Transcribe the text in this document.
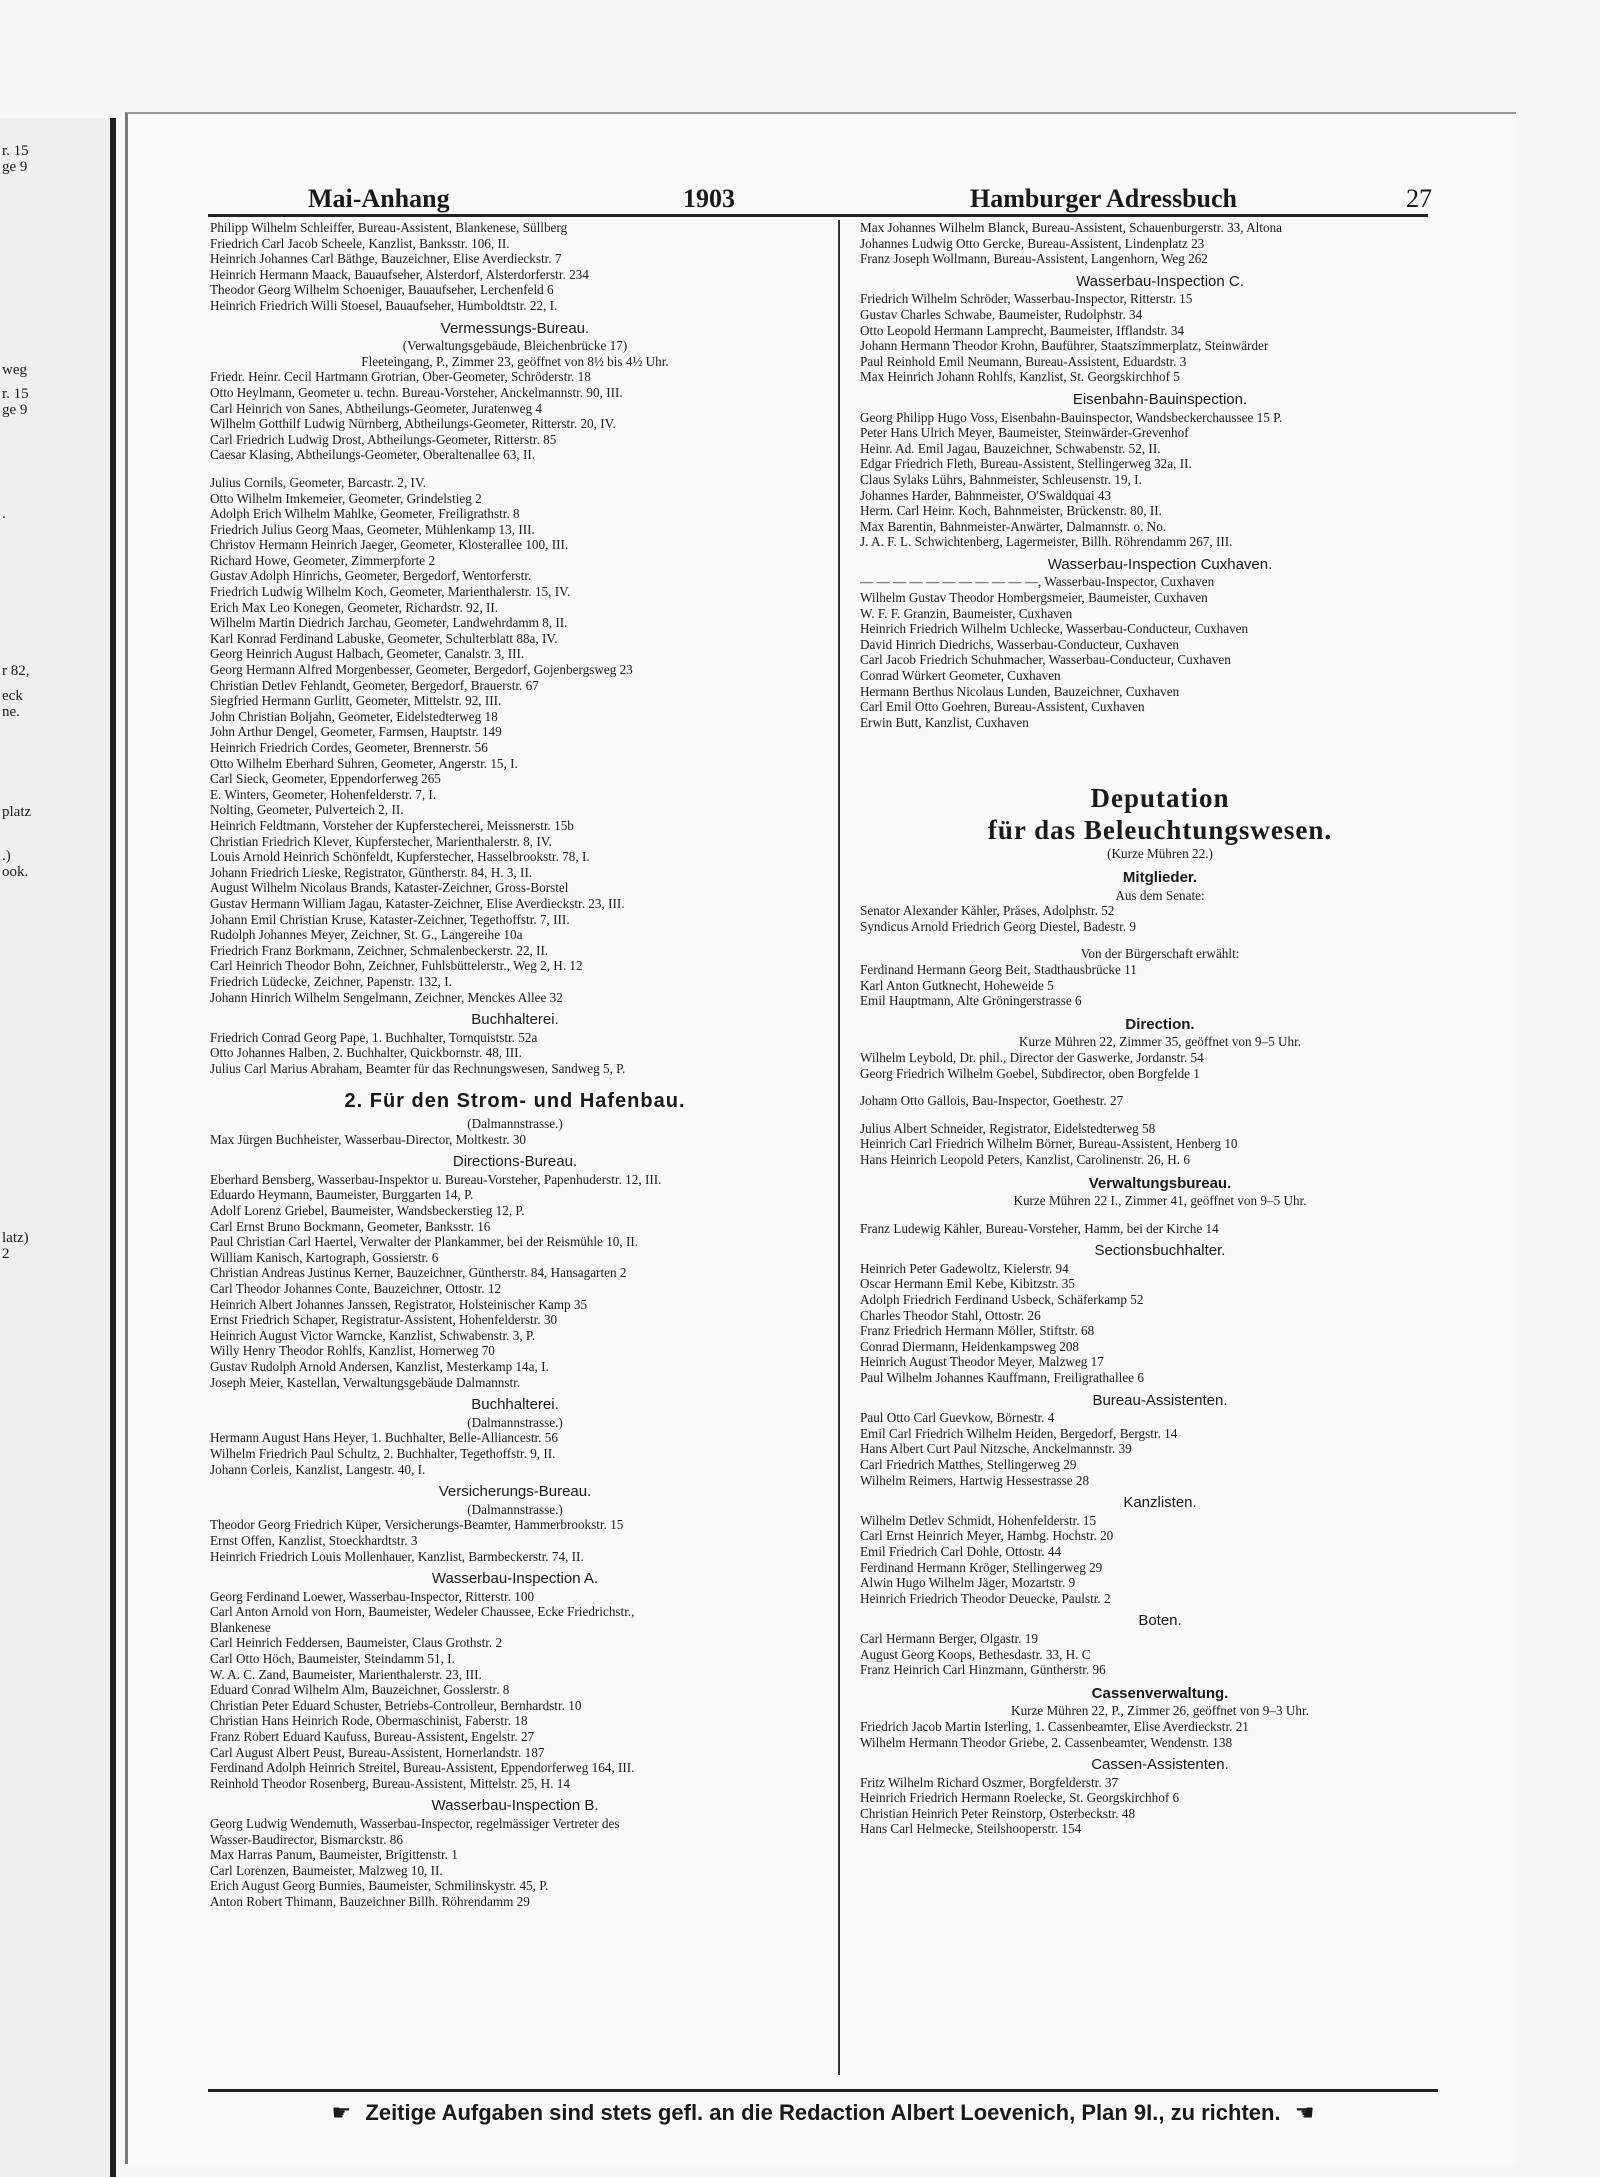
r. 15
ge 9
weg
r. 15
ge 9
.
r 82,
eck
ne.
platz
.)
ook.
latz)
2
Mai-Anhang	1903	Hamburger Adressbuch	27
Philipp Wilhelm Schleiffer, Bureau-Assistent, Blankenese, Süllberg
Friedrich Carl Jacob Scheele, Kanzlist, Banksstr. 106, II.
Heinrich Johannes Carl Bäthge, Bauzeichner, Elise Averdieckstr. 7
Heinrich Hermann Maack, Bauaufseher, Alsterdorf, Alsterdorferstr. 234
Theodor Georg Wilhelm Schoeniger, Bauaufseher, Lerchenfeld 6
Heinrich Friedrich Willi Stoesel, Bauaufseher, Humboldtstr. 22, I.
Vermessungs-Bureau.
(Verwaltungsgebäude, Bleichenbrücke 17)
Fleeteingang, P., Zimmer 23, geöffnet von 8½ bis 4½ Uhr.
Friedr. Heinr. Cecil Hartmann Grotrian, Ober-Geometer, Schröderstr. 18
Otto Heylmann, Geometer u. techn. Bureau-Vorsteher, Anckelmannstr. 90, III.
Carl Heinrich von Sanes, Abtheilungs-Geometer, Juratenweg 4
Wilhelm Gotthilf Ludwig Nürnberg, Abtheilungs-Geometer, Ritterstr. 20, IV.
Carl Friedrich Ludwig Drost, Abtheilungs-Geometer, Ritterstr. 85
Caesar Klasing, Abtheilungs-Geometer, Oberaltenallee 63, II.
Julius Cornils, Geometer, Barcastr. 2, IV.
Otto Wilhelm Imkemeier, Geometer, Grindelstieg 2
Adolph Erich Wilhelm Mahlke, Geometer, Freiligrathstr. 8
Friedrich Julius Georg Maas, Geometer, Mühlenkamp 13, III.
Christov Hermann Heinrich Jaeger, Geometer, Klosterallee 100, III.
Richard Howe, Geometer, Zimmerpforte 2
Gustav Adolph Hinrichs, Geometer, Bergedorf, Wentorferstr.
Friedrich Ludwig Wilhelm Koch, Geometer, Marienthalerstr. 15, IV.
Erich Max Leo Konegen, Geometer, Richardstr. 92, II.
Wilhelm Martin Diedrich Jarchau, Geometer, Landwehrdamm 8, II.
Karl Konrad Ferdinand Labuske, Geometer, Schulterblatt 88a, IV.
Georg Heinrich August Halbach, Geometer, Canalstr. 3, III.
Georg Hermann Alfred Morgenbesser, Geometer, Bergedorf, Gojenbergsweg 23
Christian Detlev Fehlandt, Geometer, Bergedorf, Brauerstr. 67
Siegfried Hermann Gurlitt, Geometer, Mittelstr. 92, III.
John Christian Boljahn, Geometer, Eidelstedterweg 18
John Arthur Dengel, Geometer, Farmsen, Hauptstr. 149
Heinrich Friedrich Cordes, Geometer, Brennerstr. 56
Otto Wilhelm Eberhard Suhren, Geometer, Angerstr. 15, I.
Carl Sieck, Geometer, Eppendorferweg 265
E. Winters, Geometer, Hohenfelderstr. 7, I.
Nolting, Geometer, Pulverteich 2, II.
Heinrich Feldtmann, Vorsteher der Kupferstecherei, Meissnerstr. 15b
Christian Friedrich Klever, Kupferstecher, Marienthalerstr. 8, IV.
Louis Arnold Heinrich Schönfeldt, Kupferstecher, Hasselbrookstr. 78, I.
Johann Friedrich Lieske, Registrator, Güntherstr. 84, H. 3, II.
August Wilhelm Nicolaus Brands, Kataster-Zeichner, Gross-Borstel
Gustav Hermann William Jagau, Kataster-Zeichner, Elise Averdieckstr. 23, III.
Johann Emil Christian Kruse, Kataster-Zeichner, Tegethoffstr. 7, III.
Rudolph Johannes Meyer, Zeichner, St. G., Langereihe 10a
Friedrich Franz Borkmann, Zeichner, Schmalenbeckerstr. 22, II.
Carl Heinrich Theodor Bohn, Zeichner, Fuhlsbüttelerstr., Weg 2, H. 12
Friedrich Lüdecke, Zeichner, Papenstr. 132, I.
Johann Hinrich Wilhelm Sengelmann, Zeichner, Menckes Allee 32
Buchhalterei.
Friedrich Conrad Georg Pape, 1. Buchhalter, Tornquiststr. 52a
Otto Johannes Halben, 2. Buchhalter, Quickbornstr. 48, III.
Julius Carl Marius Abraham, Beamter für das Rechnungswesen, Sandweg 5, P.
2. Für den Strom- und Hafenbau.
(Dalmannstrasse.)
Max Jürgen Buchheister, Wasserbau-Director, Moltkestr. 30
Directions-Bureau.
Eberhard Bensberg, Wasserbau-Inspektor u. Bureau-Vorsteher, Papenhuderstr. 12, III.
Eduardo Heymann, Baumeister, Burggarten 14, P.
Adolf Lorenz Griebel, Baumeister, Wandsbeckerstieg 12, P.
Carl Ernst Bruno Bockmann, Geometer, Banksstr. 16
Paul Christian Carl Haertel, Verwalter der Plankammer, bei der Reismühle 10, II.
William Kanisch, Kartograph, Gossierstr. 6
Christian Andreas Justinus Kerner, Bauzeichner, Güntherstr. 84, Hansagarten 2
Carl Theodor Johannes Conte, Bauzeichner, Ottostr. 12
Heinrich Albert Johannes Janssen, Registrator, Holsteinischer Kamp 35
Ernst Friedrich Schaper, Registratur-Assistent, Hohenfelderstr. 30
Heinrich August Victor Warncke, Kanzlist, Schwabenstr. 3, P.
Willy Henry Theodor Rohlfs, Kanzlist, Hornerweg 70
Gustav Rudolph Arnold Andersen, Kanzlist, Mesterkamp 14a, I.
Joseph Meier, Kastellan, Verwaltungsgebäude Dalmannstr.
Buchhalterei.
(Dalmannstrasse.)
Hermann August Hans Heyer, 1. Buchhalter, Belle-Alliancestr. 56
Wilhelm Friedrich Paul Schultz, 2. Buchhalter, Tegethoffstr. 9, II.
Johann Corleis, Kanzlist, Langestr. 40, I.
Versicherungs-Bureau.
(Dalmannstrasse.)
Theodor Georg Friedrich Küper, Versicherungs-Beamter, Hammerbrookstr. 15
Ernst Offen, Kanzlist, Stoeckhardtstr. 3
Heinrich Friedrich Louis Mollenhauer, Kanzlist, Barmbeckerstr. 74, II.
Wasserbau-Inspection A.
Georg Ferdinand Loewer, Wasserbau-Inspector, Ritterstr. 100
Carl Anton Arnold von Horn, Baumeister, Wedeler Chaussee, Ecke Friedrichstr.,
Blankenese
Carl Heinrich Feddersen, Baumeister, Claus Grothstr. 2
Carl Otto Höch, Baumeister, Steindamm 51, I.
W. A. C. Zand, Baumeister, Marienthalerstr. 23, III.
Eduard Conrad Wilhelm Alm, Bauzeichner, Gosslerstr. 8
Christian Peter Eduard Schuster, Betriebs-Controlleur, Bernhardstr. 10
Christian Hans Heinrich Rode, Obermaschinist, Faberstr. 18
Franz Robert Eduard Kaufuss, Bureau-Assistent, Engelstr. 27
Carl August Albert Peust, Bureau-Assistent, Hornerlandstr. 187
Ferdinand Adolph Heinrich Streitel, Bureau-Assistent, Eppendorferweg 164, III.
Reinhold Theodor Rosenberg, Bureau-Assistent, Mittelstr. 25, H. 14
Wasserbau-Inspection B.
Georg Ludwig Wendemuth, Wasserbau-Inspector, regelmässiger Vertreter des
Wasser-Baudirector, Bismarckstr. 86
Max Harras Panum, Baumeister, Brigittenstr. 1
Carl Lorenzen, Baumeister, Malzweg 10, II.
Erich August Georg Bunnies, Baumeister, Schmilinskystr. 45, P.
Anton Robert Thimann, Bauzeichner Billh. Röhrendamm 29
Max Johannes Wilhelm Blanck, Bureau-Assistent, Schauenburgerstr. 33, Altona
Johannes Ludwig Otto Gercke, Bureau-Assistent, Lindenplatz 23
Franz Joseph Wollmann, Bureau-Assistent, Langenhorn, Weg 262
Wasserbau-Inspection C.
Friedrich Wilhelm Schröder, Wasserbau-Inspector, Ritterstr. 15
Gustav Charles Schwabe, Baumeister, Rudolphstr. 34
Otto Leopold Hermann Lamprecht, Baumeister, Ifflandstr. 34
Johann Hermann Theodor Krohn, Bauführer, Staatszimmerplatz, Steinwärder
Paul Reinhold Emil Neumann, Bureau-Assistent, Eduardstr. 3
Max Heinrich Johann Rohlfs, Kanzlist, St. Georgskirchhof 5
Eisenbahn-Bauinspection.
Georg Philipp Hugo Voss, Eisenbahn-Bauinspector, Wandsbeckerchaussee 15 P.
Peter Hans Ulrich Meyer, Baumeister, Steinwärder-Grevenhof
Heinr. Ad. Emil Jagau, Bauzeichner, Schwabenstr. 52, II.
Edgar Friedrich Fleth, Bureau-Assistent, Stellingerweg 32a, II.
Claus Sylaks Lührs, Bahnmeister, Schleusenstr. 19, I.
Johannes Harder, Bahnmeister, O'Swaldquai 43
Herm. Carl Heinr. Koch, Bahnmeister, Brückenstr. 80, II.
Max Barentin, Bahnmeister-Anwärter, Dalmannstr. o. No.
J. A. F. L. Schwichtenberg, Lagermeister, Billh. Röhrendamm 267, III.
Wasserbau-Inspection Cuxhaven.
— — — — — — — — — — —, Wasserbau-Inspector, Cuxhaven
Wilhelm Gustav Theodor Hombergsmeier, Baumeister, Cuxhaven
W. F. F. Granzin, Baumeister, Cuxhaven
Heinrich Friedrich Wilhelm Uchlecke, Wasserbau-Conducteur, Cuxhaven
David Hinrich Diedrichs, Wasserbau-Conducteur, Cuxhaven
Carl Jacob Friedrich Schuhmacher, Wasserbau-Conducteur, Cuxhaven
Conrad Würkert Geometer, Cuxhaven
Hermann Berthus Nicolaus Lunden, Bauzeichner, Cuxhaven
Carl Emil Otto Goehren, Bureau-Assistent, Cuxhaven
Erwin Butt, Kanzlist, Cuxhaven
Deputation
für das Beleuchtungswesen.
(Kurze Mühren 22.)
Mitglieder.
Aus dem Senate:
Senator Alexander Kähler, Präses, Adolphstr. 52
Syndicus Arnold Friedrich Georg Diestel, Badestr. 9
Von der Bürgerschaft erwählt:
Ferdinand Hermann Georg Beit, Stadthausbrücke 11
Karl Anton Gutknecht, Hoheweide 5
Emil Hauptmann, Alte Gröningerstrasse 6
Direction.
Kurze Mühren 22, Zimmer 35, geöffnet von 9–5 Uhr.
Wilhelm Leybold, Dr. phil., Director der Gaswerke, Jordanstr. 54
Georg Friedrich Wilhelm Goebel, Subdirector, oben Borgfelde 1
Johann Otto Gallois, Bau-Inspector, Goethestr. 27
Julius Albert Schneider, Registrator, Eidelstedterweg 58
Heinrich Carl Friedrich Wilhelm Börner, Bureau-Assistent, Henberg 10
Hans Heinrich Leopold Peters, Kanzlist, Carolinenstr. 26, H. 6
Verwaltungsbureau.
Kurze Mühren 22 I., Zimmer 41, geöffnet von 9–5 Uhr.
Franz Ludewig Kähler, Bureau-Vorsteher, Hamm, bei der Kirche 14
Sectionsbuchhalter.
Heinrich Peter Gadewoltz, Kielerstr. 94
Oscar Hermann Emil Kebe, Kibitzstr. 35
Adolph Friedrich Ferdinand Usbeck, Schäferkamp 52
Charles Theodor Stahl, Ottostr. 26
Franz Friedrich Hermann Möller, Stiftstr. 68
Conrad Diermann, Heidenkampsweg 208
Heinrich August Theodor Meyer, Malzweg 17
Paul Wilhelm Johannes Kauffmann, Freiligrathallee 6
Bureau-Assistenten.
Paul Otto Carl Guevkow, Börnestr. 4
Emil Carl Friedrich Wilhelm Heiden, Bergedorf, Bergstr. 14
Hans Albert Curt Paul Nitzsche, Anckelmannstr. 39
Carl Friedrich Matthes, Stellingerweg 29
Wilhelm Reimers, Hartwig Hessestrasse 28
Kanzlisten.
Wilhelm Detlev Schmidt, Hohenfelderstr. 15
Carl Ernst Heinrich Meyer, Hambg. Hochstr. 20
Emil Friedrich Carl Dohle, Ottostr. 44
Ferdinand Hermann Kröger, Stellingerweg 29
Alwin Hugo Wilhelm Jäger, Mozartstr. 9
Heinrich Friedrich Theodor Deuecke, Paulstr. 2
Boten.
Carl Hermann Berger, Olgastr. 19
August Georg Koops, Bethesdastr. 33, H. C
Franz Heinrich Carl Hinzmann, Güntherstr. 96
Cassenverwaltung.
Kurze Mühren 22, P., Zimmer 26, geöffnet von 9–3 Uhr.
Friedrich Jacob Martin Isterling, 1. Cassenbeamter, Elise Averdieckstr. 21
Wilhelm Hermann Theodor Griebe, 2. Cassenbeamter, Wendenstr. 138
Cassen-Assistenten.
Fritz Wilhelm Richard Oszmer, Borgfelderstr. 37
Heinrich Friedrich Hermann Roelecke, St. Georgskirchhof 6
Christian Heinrich Peter Reinstorp, Osterbeckstr. 48
Hans Carl Helmecke, Steilshooperstr. 154
☛ Zeitige Aufgaben sind stets gefl. an die Redaction Albert Loevenich, Plan 9I., zu richten. ☚
